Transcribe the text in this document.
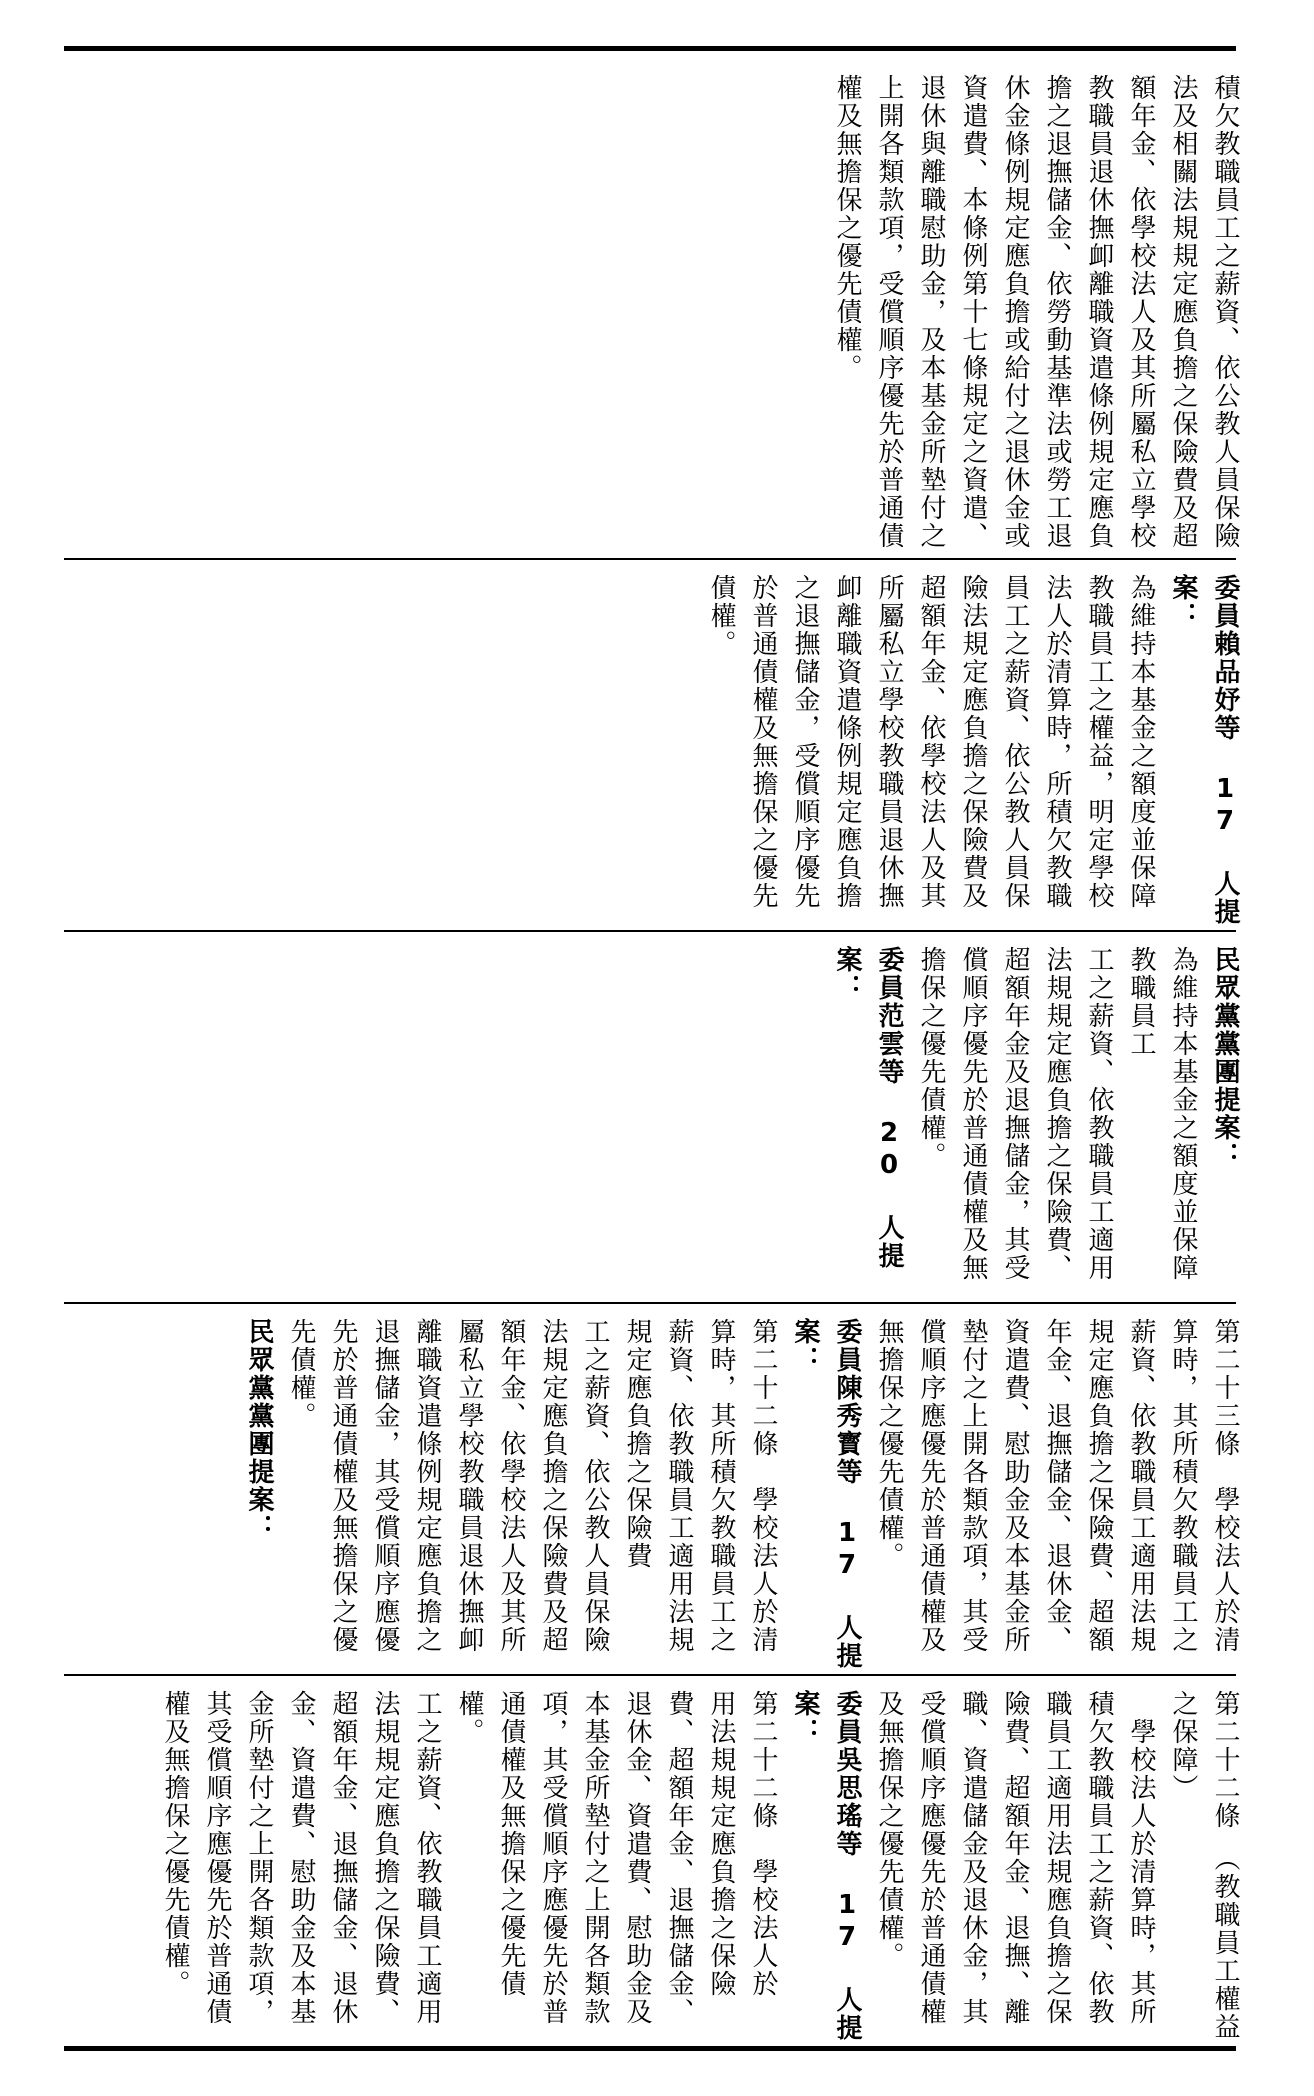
積欠教職員工之薪資、依公教人員保險法及相關法規規定應負擔之保險費及超額年金、依學校法人及其所屬私立學校教職員退休撫卹離職資遣條例規定應負擔之退撫儲金、依勞動基準法或勞工退休金條例規定應負擔或給付之退休金或資遣費、本條例第十七條規定之資遣、退休與離職慰助金，及本基金所墊付之上開各類款項，受償順序優先於普通債權及無擔保之優先債權。

委員賴品妤等 17 人提案：

為維持本基金之額度並保障教職員工之權益，明定學校法人於清算時，所積欠教職員工之薪資、依公教人員保險法規定應負擔之保險費及超額年金、依學校法人及其所屬私立學校教職員退休撫卹離職資遣條例規定應負擔之退撫儲金，受償順序優先於普通債權及無擔保之優先債權。

民眾黨黨團提案：

為維持本基金之額度並保障教職員工

工之薪資、依教職員工適用法規規定應負擔之保險費、超額年金及退撫儲金，其受償順序優先於普通債權及無擔保之優先債權。

委員范雲等 20 人提案：

第二十三條　學校法人於清算時，其所積欠教職員工之薪資、依教職員工適用法規規定應負擔之保險費、超額年金、退撫儲金、退休金、資遣費、慰助金及本基金所墊付之上開各類款項，其受償順序應優先於普通債權及無擔保之優先債權。

委員陳秀寳等 17 人提案：

第二十二條　學校法人於清算時，其所積欠教職員工之薪資、依教職員工適用法規規定應負擔之保險費

工之薪資、依公教人員保險法規定應負擔之保險費及超額年金、依學校法人及其所屬私立學校教職員退休撫卹離職資遣條例規定應負擔之退撫儲金，其受償順序應優先於普通債權及無擔保之優先債權。

民眾黨黨團提案：

第二十二條　（教職員工權益之保障）

　學校法人於清算時，其所積欠教職員工之薪資、依教職員工適用法規應負擔之保險費、超額年金、退撫、離職、資遣儲金及退休金，其受償順序應優先於普通債權及無擔保之優先債權。

委員吳思瑤等 17 人提案：

第二十二條　學校法人於

用法規規定應負擔之保險費、超額年金、退撫儲金、退休金、資遣費、慰助金及本基金所墊付之上開各類款項，其受償順序應優先於普通債權及無擔保之優先債權。

工之薪資、依教職員工適用法規規定應負擔之保險費、超額年金、退撫儲金、退休金、資遣費、慰助金及本基金所墊付之上開各類款項，其受償順序應優先於普通債權及無擔保之優先債權。
